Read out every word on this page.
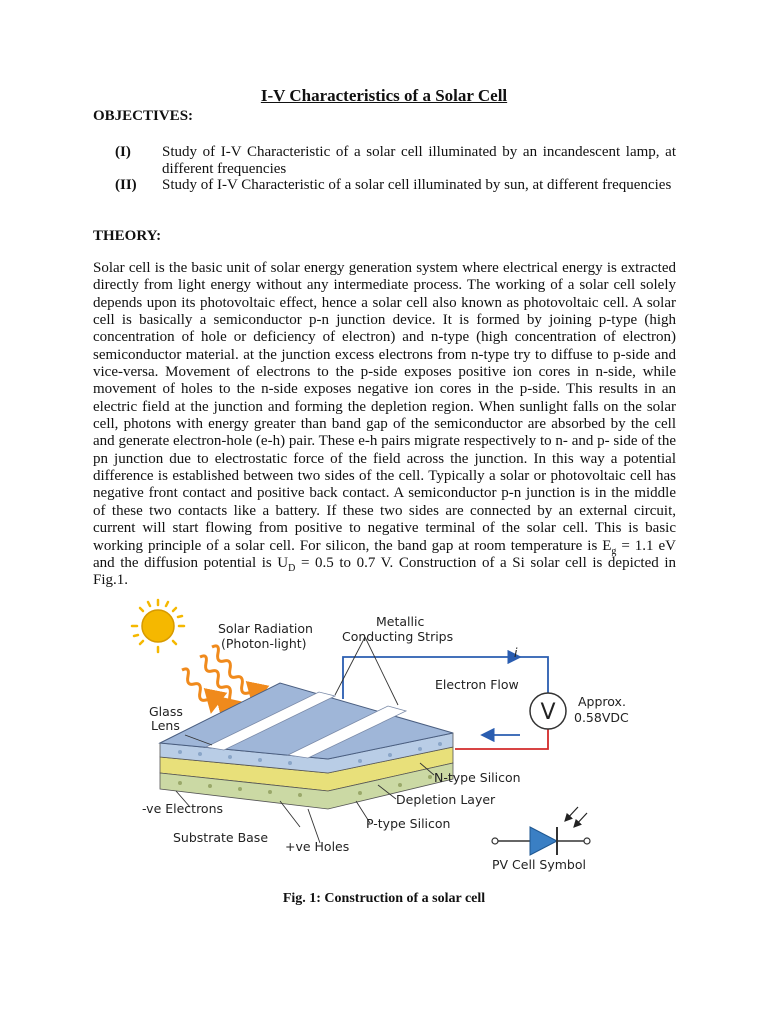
I-V Characteristics of a Solar Cell
OBJECTIVES:
(I) Study of I-V Characteristic of a solar cell illuminated by an incandescent lamp, at different frequencies
(II) Study of I-V Characteristic of a solar cell illuminated by sun, at different frequencies
THEORY:
Solar cell is the basic unit of solar energy generation system where electrical energy is extracted directly from light energy without any intermediate process. The working of a solar cell solely depends upon its photovoltaic effect, hence a solar cell also known as photovoltaic cell. A solar cell is basically a semiconductor p-n junction device. It is formed by joining p-type (high concentration of hole or deficiency of electron) and n-type (high concentration of electron) semiconductor material. at the junction excess electrons from n-type try to diffuse to p-side and vice-versa. Movement of electrons to the p-side exposes positive ion cores in n-side, while movement of holes to the n-side exposes negative ion cores in the p-side. This results in an electric field at the junction and forming the depletion region. When sunlight falls on the solar cell, photons with energy greater than band gap of the semiconductor are absorbed by the cell and generate electron-hole (e-h) pair. These e-h pairs migrate respectively to n- and p- side of the pn junction due to electrostatic force of the field across the junction. In this way a potential difference is established between two sides of the cell. Typically a solar or photovoltaic cell has negative front contact and positive back contact. A semiconductor p-n junction is in the middle of these two contacts like a battery. If these two sides are connected by an external circuit, current will start flowing from positive to negative terminal of the solar cell. This is basic working principle of a solar cell. For silicon, the band gap at room temperature is $E_g = 1.1$ eV and the diffusion potential is $U_D = 0.5$ to 0.7 V. Construction of a Si solar cell is depicted in Fig.1.
V
Solar Radiation
(Photon-light)
Metallic
Conducting Strips
i
Electron Flow
Approx.
0.58VDC
Glass
Lens
N-type Silicon
Depletion Layer
P-type Silicon
-ve Electrons
Substrate Base
+ve Holes
PV Cell Symbol
Fig. 1: Construction of a solar cell
